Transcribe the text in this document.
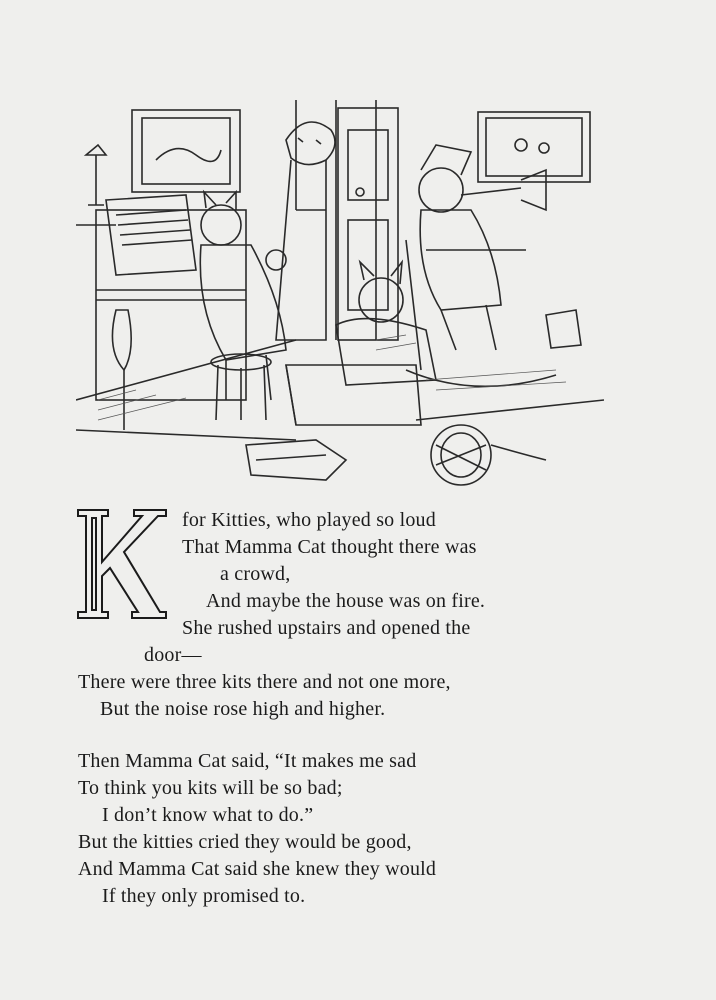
for Kitties, who played so loud
That Mamma Cat thought there was
a crowd,
And maybe the house was on fire.
She rushed upstairs and opened the
door—
There were three kits there and not one more,
But the noise rose high and higher.
Then Mamma Cat said, “It makes me sad
To think you kits will be so bad;
I don’t know what to do.”
But the kitties cried they would be good,
And Mamma Cat said she knew they would
If they only promised to.
